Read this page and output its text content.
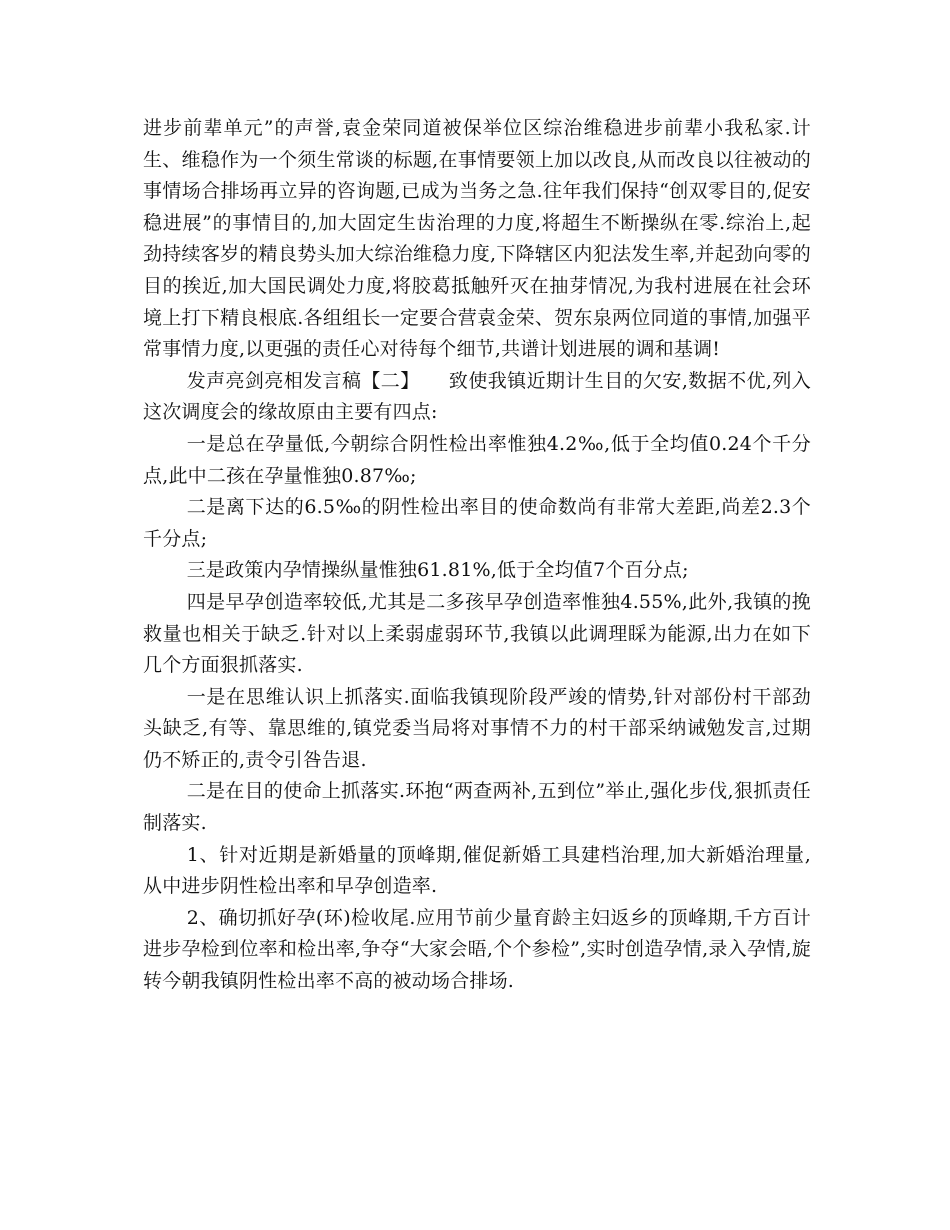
进步前辈单元”的声誉,袁金荣同道被保举位区综治维稳进步前辈小我私家.计生、维稳作为一个须生常谈的标题,在事情要领上加以改良,从而改良以往被动的事情场合排场再立异的咨询题,已成为当务之急.往年我们保持“创双零目的,促安稳进展”的事情目的,加大固定生齿治理的力度,将超生不断操纵在零.综治上,起劲持续客岁的精良势头加大综治维稳力度,下降辖区内犯法发生率,并起劲向零的目的挨近,加大国民调处力度,将胶葛抵触歼灭在抽芽情况,为我村进展在社会环境上打下精良根底.各组组长一定要合营袁金荣、贺东泉两位同道的事情,加强平常事情力度,以更强的责任心对待每个细节,共谱计划进展的调和基调!

发声亮剑亮相发言稿【二】　　致使我镇近期计生目的欠安,数据不优,列入这次调度会的缘故原由主要有四点:

一是总在孕量低,今朝综合阴性检出率惟独4.2‰,低于全均值0.24个千分点,此中二孩在孕量惟独0.87‰;

二是离下达的6.5‰的阴性检出率目的使命数尚有非常大差距,尚差2.3个千分点;

三是政策内孕情操纵量惟独61.81%,低于全均值7个百分点;

四是早孕创造率较低,尤其是二多孩早孕创造率惟独4.55%,此外,我镇的挽救量也相关于缺乏.针对以上柔弱虚弱环节,我镇以此调理睬为能源,出力在如下几个方面狠抓落实.

一是在思维认识上抓落实.面临我镇现阶段严竣的情势,针对部份村干部劲头缺乏,有等、靠思维的,镇党委当局将对事情不力的村干部采纳诫勉发言,过期仍不矫正的,责令引咎告退.

二是在目的使命上抓落实.环抱“两查两补,五到位”举止,强化步伐,狠抓责任制落实.

1、针对近期是新婚量的顶峰期,催促新婚工具建档治理,加大新婚治理量,从中进步阴性检出率和早孕创造率.

2、确切抓好孕(环)检收尾.应用节前少量育龄主妇返乡的顶峰期,千方百计进步孕检到位率和检出率,争夺“大家会晤,个个参检”,实时创造孕情,录入孕情,旋转今朝我镇阴性检出率不高的被动场合排场.
